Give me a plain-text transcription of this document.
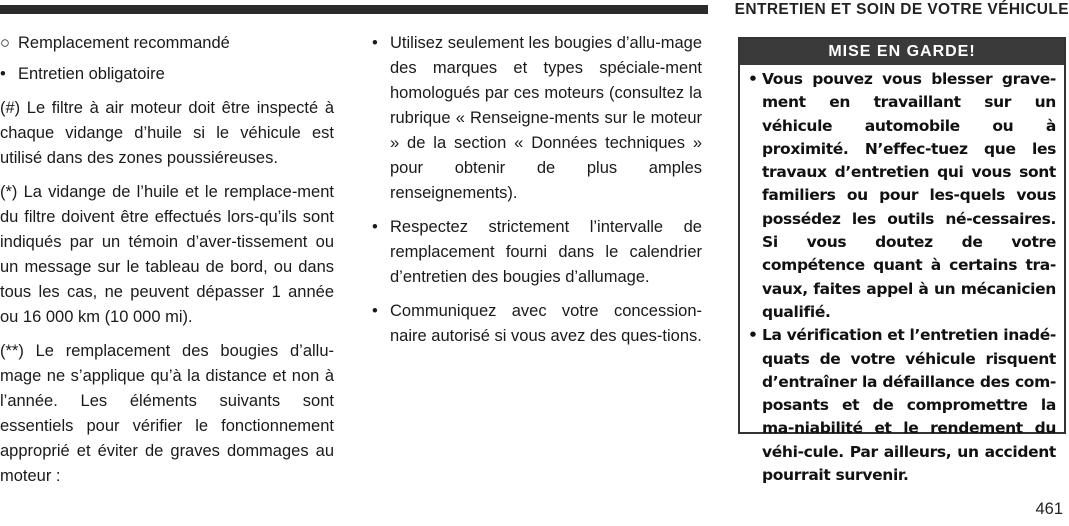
ENTRETIEN ET SOIN DE VOTRE VÉHICULE
○ Remplacement recommandé
• Entretien obligatoire

(#) Le filtre à air moteur doit être inspecté à chaque vidange d’huile si le véhicule est utilisé dans des zones poussiéreuses.

(*) La vidange de l’huile et le remplace-ment du filtre doivent être effectués lors-qu’ils sont indiqués par un témoin d’aver-tissement ou un message sur le tableau de bord, ou dans tous les cas, ne peuvent dépasser 1 année ou 16 000 km (10 000 mi).

(**) Le remplacement des bougies d’allu-mage ne s’applique qu’à la distance et non à l’année. Les éléments suivants sont essentiels pour vérifier le fonctionnement approprié et éviter de graves dommages au moteur :

• Utilisez seulement les bougies d’allu-mage des marques et types spéciale-ment homologués par ces moteurs (consultez la rubrique « Renseigne-ments sur le moteur » de la section « Données techniques » pour obtenir de plus amples renseignements).

• Respectez strictement l’intervalle de remplacement fourni dans le calendrier d’entretien des bougies d’allumage.

• Communiquez avec votre concession-naire autorisé si vous avez des ques-tions.

MISE EN GARDE!
• Vous pouvez vous blesser grave-ment en travaillant sur un véhicule automobile ou à proximité. N’effec-tuez que les travaux d’entretien qui vous sont familiers ou pour les-quels vous possédez les outils né-cessaires. Si vous doutez de votre compétence quant à certains tra-vaux, faites appel à un mécanicien qualifié.

• La vérification et l’entretien inadé-quats de votre véhicule risquent d’entraîner la défaillance des com-posants et de compromettre la ma-niabilité et le rendement du véhi-cule. Par ailleurs, un accident pourrait survenir.

461
